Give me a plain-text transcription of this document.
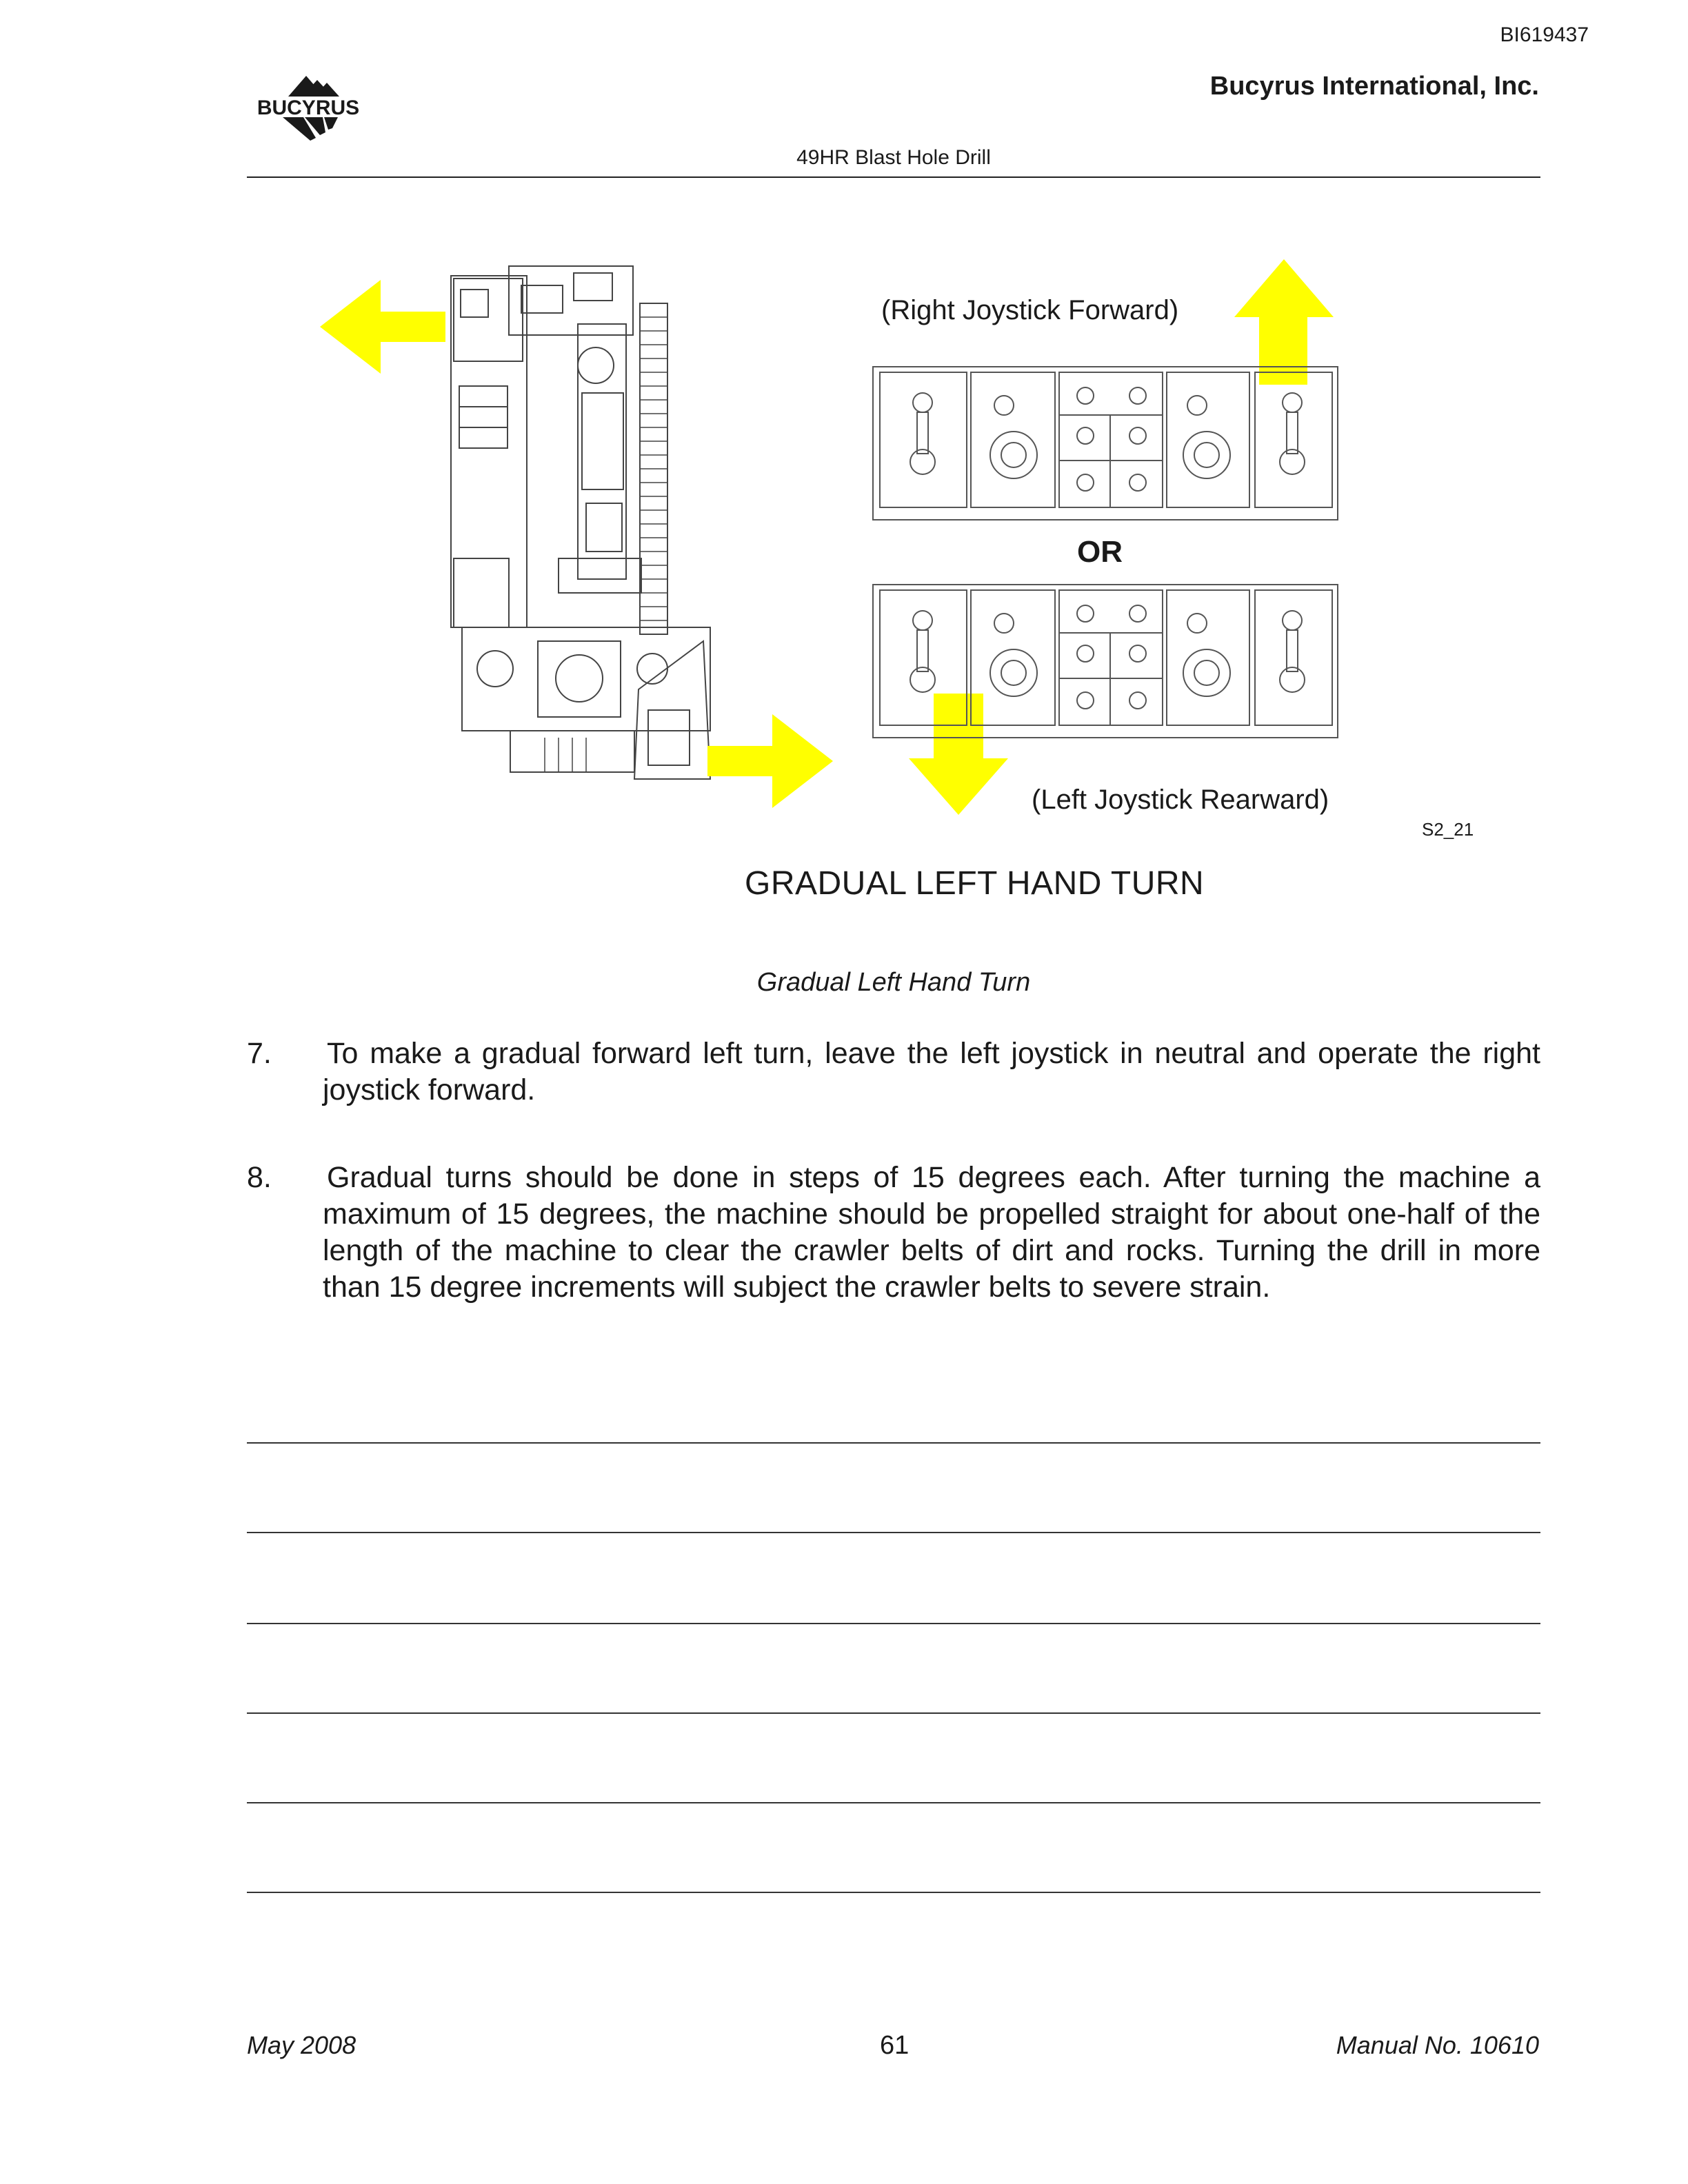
BI619437
Bucyrus International, Inc.
BUCYRUS
49HR Blast Hole Drill
(Right Joystick Forward)
OR
(Left Joystick Rearward)
S2_21
GRADUAL LEFT HAND TURN
Gradual Left Hand Turn
7. To make a gradual forward left turn, leave the left joystick in neutral and operate the right joystick forward.
8. Gradual turns should be done in steps of 15 degrees each. After turning the machine a maximum of 15 degrees, the machine should be propelled straight for about one-half of the length of the machine to clear the crawler belts of dirt and rocks. Turning the drill in more than 15 degree increments will subject the crawler belts to severe strain.
May 2008	61	Manual No. 10610
